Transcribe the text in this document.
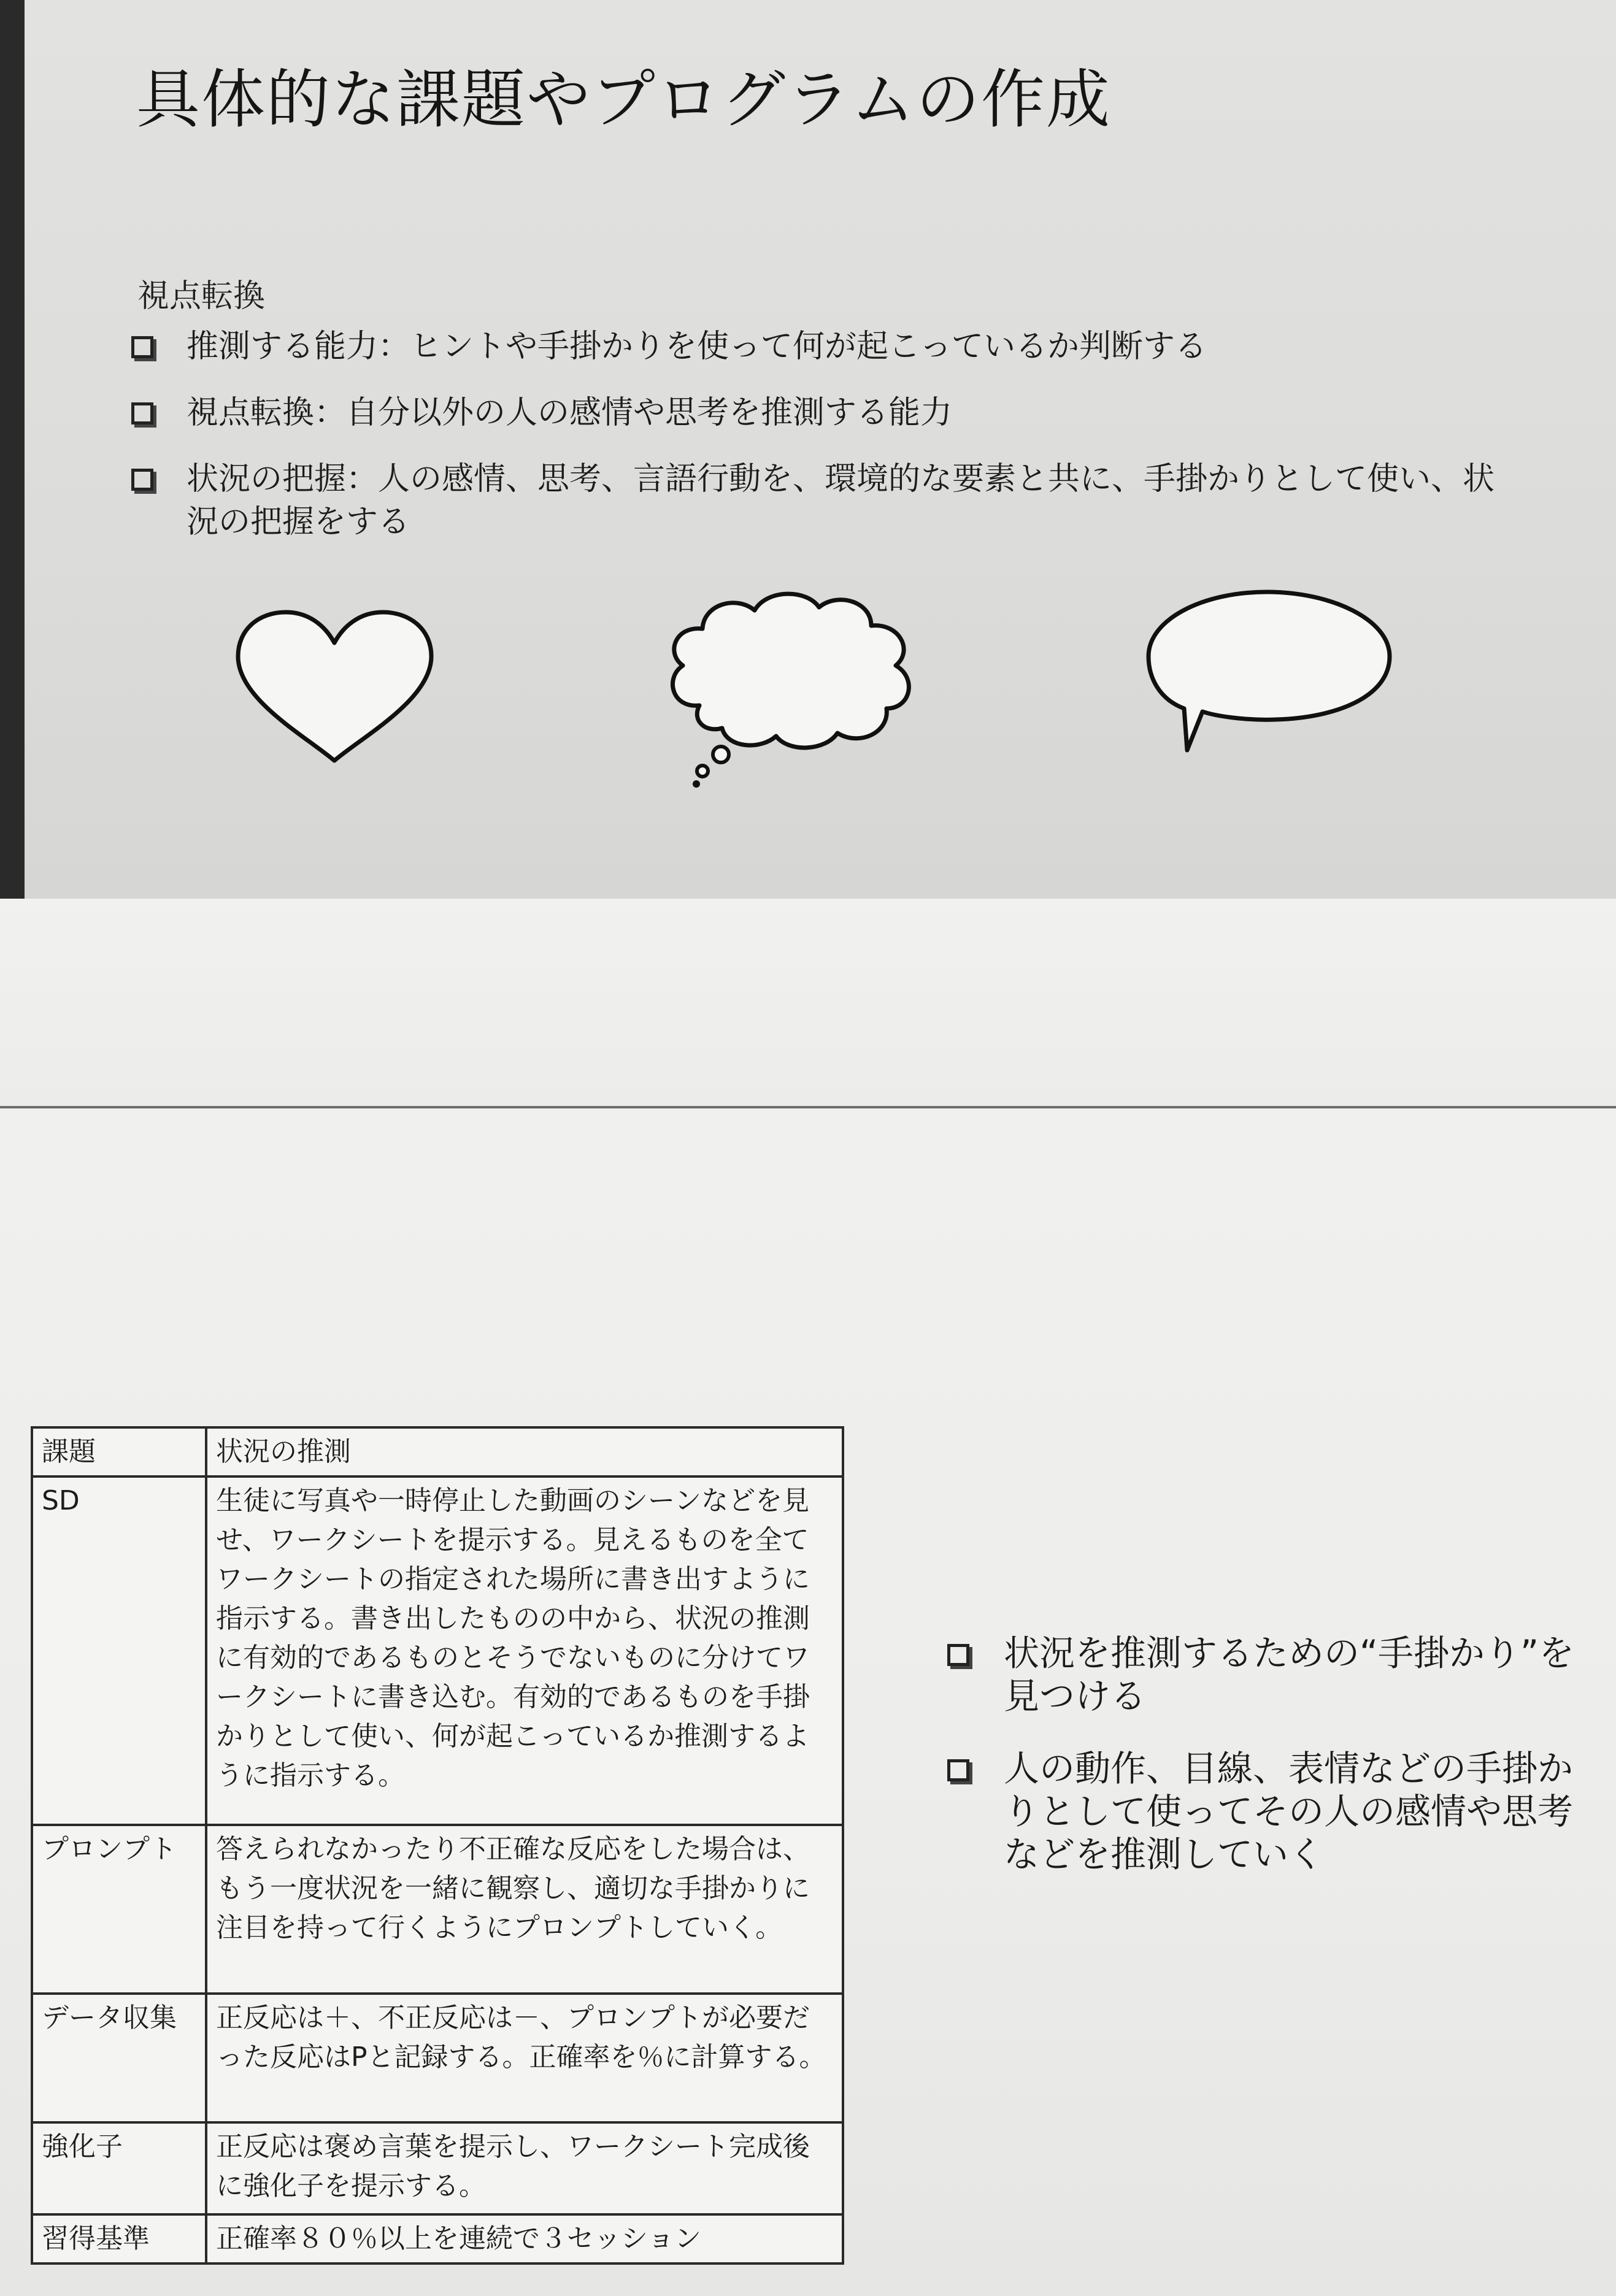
具体的な課題やプログラムの作成
視点転換
推測する能力：ヒントや手掛かりを使って何が起こっているか判断する
視点転換：自分以外の人の感情や思考を推測する能力
状況の把握：人の感情、思考、言語行動を、環境的な要素と共に、手掛かりとして使い、状況の把握をする
課題	状況の推測
SD	生徒に写真や一時停止した動画のシーンなどを見せ、ワークシートを提示する。見えるものを全てワークシートの指定された場所に書き出すように指示する。書き出したものの中から、状況の推測に有効的であるものとそうでないものに分けてワークシートに書き込む。有効的であるものを手掛かりとして使い、何が起こっているか推測するように指示する。
プロンプト	答えられなかったり不正確な反応をした場合は、もう一度状況を一緒に観察し、適切な手掛かりに注目を持って行くようにプロンプトしていく。
データ収集	正反応は＋、不正反応は－、プロンプトが必要だった反応はPと記録する。正確率を％に計算する。
強化子	正反応は褒め言葉を提示し、ワークシート完成後に強化子を提示する。
習得基準	正確率８０％以上を連続で３セッション
状況を推測するための“手掛かり”を見つける
人の動作、目線、表情などの手掛かりとして使ってその人の感情や思考などを推測していく
